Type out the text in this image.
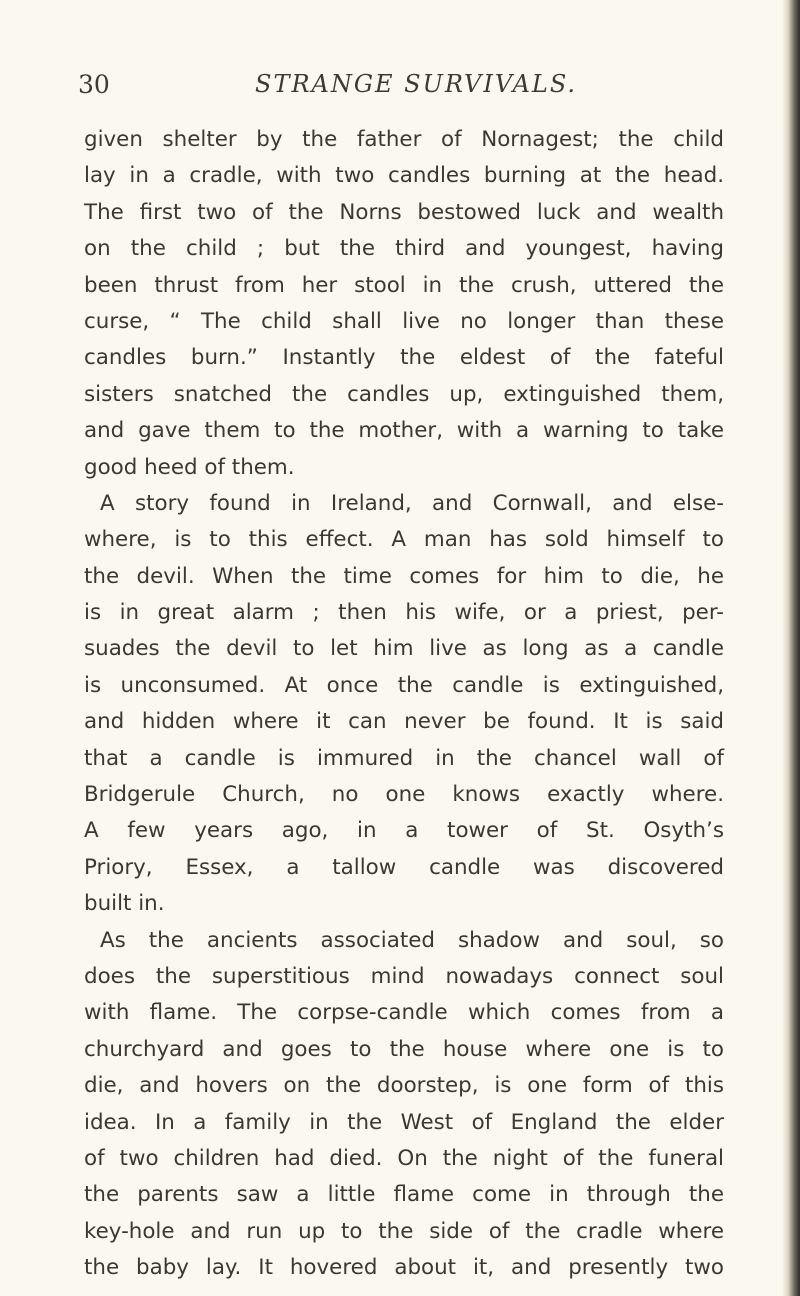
30	STRANGE SURVIVALS.
given shelter by the father of Nornagest; the child
lay in a cradle, with two candles burning at the head.
The first two of the Norns bestowed luck and wealth
on the child ; but the third and youngest, having
been thrust from her stool in the crush, uttered the
curse, “ The child shall live no longer than these
candles burn.” Instantly the eldest of the fateful
sisters snatched the candles up, extinguished them,
and gave them to the mother, with a warning to take
good heed of them.
A story found in Ireland, and Cornwall, and else-
where, is to this effect. A man has sold himself to
the devil. When the time comes for him to die, he
is in great alarm ; then his wife, or a priest, per-
suades the devil to let him live as long as a candle
is unconsumed. At once the candle is extinguished,
and hidden where it can never be found. It is said
that a candle is immured in the chancel wall of
Bridgerule Church, no one knows exactly where.
A few years ago, in a tower of St. Osyth’s
Priory, Essex, a tallow candle was discovered
built in.
As the ancients associated shadow and soul, so
does the superstitious mind nowadays connect soul
with flame. The corpse-candle which comes from a
churchyard and goes to the house where one is to
die, and hovers on the doorstep, is one form of this
idea. In a family in the West of England the elder
of two children had died. On the night of the funeral
the parents saw a little flame come in through the
key-hole and run up to the side of the cradle where
the baby lay. It hovered about it, and presently two
